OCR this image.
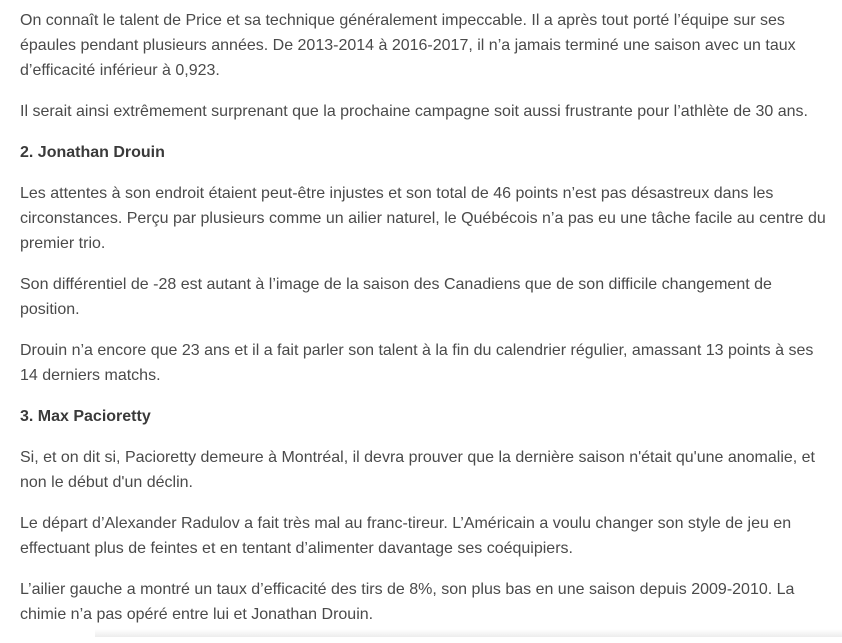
On connaît le talent de Price et sa technique généralement impeccable. Il a après tout porté l’équipe sur ses épaules pendant plusieurs années. De 2013-2014 à 2016-2017, il n’a jamais terminé une saison avec un taux d’efficacité inférieur à 0,923.

Il serait ainsi extrêmement surprenant que la prochaine campagne soit aussi frustrante pour l’athlète de 30 ans.

2. Jonathan Drouin

Les attentes à son endroit étaient peut-être injustes et son total de 46 points n’est pas désastreux dans les circonstances. Perçu par plusieurs comme un ailier naturel, le Québécois n’a pas eu une tâche facile au centre du premier trio.

Son différentiel de -28 est autant à l’image de la saison des Canadiens que de son difficile changement de position.

Drouin n’a encore que 23 ans et il a fait parler son talent à la fin du calendrier régulier, amassant 13 points à ses 14 derniers matchs.

3. Max Pacioretty

Si, et on dit si, Pacioretty demeure à Montréal, il devra prouver que la dernière saison n'était qu'une anomalie, et non le début d'un déclin.

Le départ d’Alexander Radulov a fait très mal au franc-tireur. L’Américain a voulu changer son style de jeu en effectuant plus de feintes et en tentant d’alimenter davantage ses coéquipiers.

L’ailier gauche a montré un taux d’efficacité des tirs de 8%, son plus bas en une saison depuis 2009-2010. La chimie n’a pas opéré entre lui et Jonathan Drouin.
